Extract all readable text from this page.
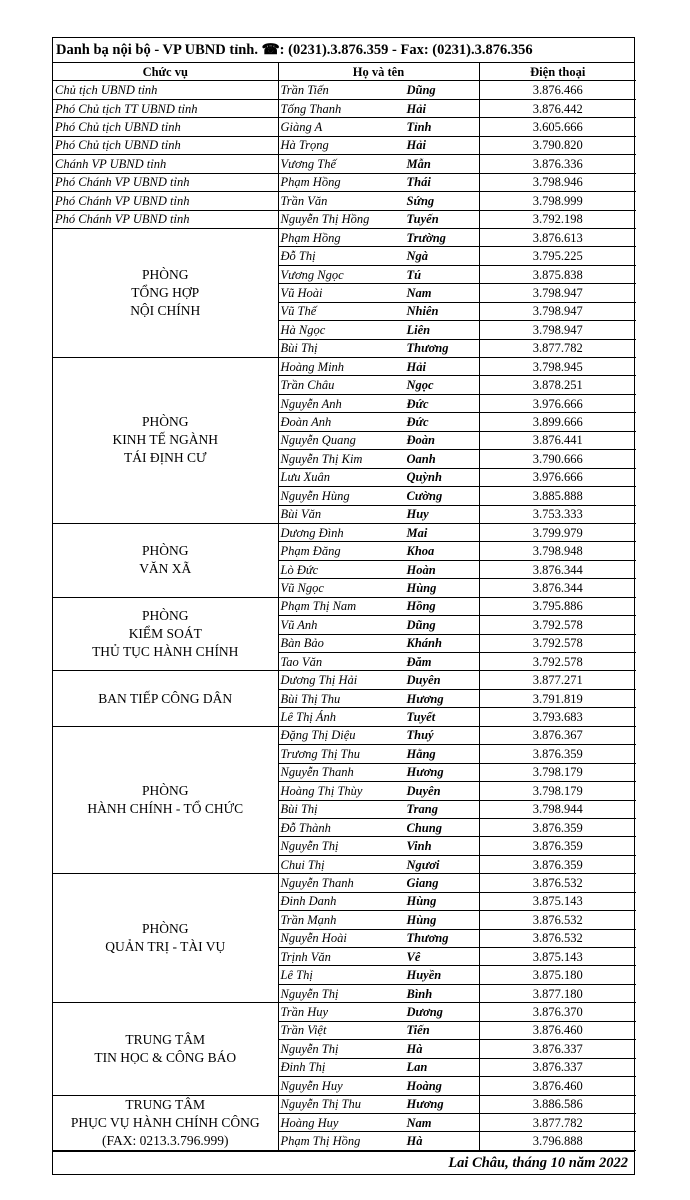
Danh bạ nội bộ - VP UBND tỉnh. ☎: (0231).3.876.359 - Fax: (0231).3.876.356
Chức vụ	Họ và tên	Điện thoại
Chủ tịch UBND tỉnh	Trần Tiến Dũng	3.876.466
Phó Chủ tịch TT UBND tỉnh	Tống Thanh Hải	3.876.442
Phó Chủ tịch UBND tỉnh	Giàng A Tỉnh	3.605.666
Phó Chủ tịch UBND tỉnh	Hà Trọng Hải	3.790.820
Chánh VP UBND tỉnh	Vương Thế Mẫn	3.876.336
Phó Chánh VP UBND tỉnh	Phạm Hồng Thái	3.798.946
Phó Chánh VP UBND tỉnh	Trần Văn Sứng	3.798.999
Phó Chánh VP UBND tỉnh	Nguyễn Thị Hồng Tuyến	3.792.198

PHÒNG
TỔNG HỢP
NỘI CHÍNH	Phạm Hồng Trường	3.876.613
	Đỗ Thị Ngà	3.795.225
	Vương Ngọc Tú	3.875.838
	Vũ Hoài Nam	3.798.947
	Vũ Thế Nhiên	3.798.947
	Hà Ngọc Liên	3.798.947
	Bùi Thị Thương	3.877.782

PHÒNG
KINH TẾ NGÀNH
TÁI ĐỊNH CƯ	Hoàng Minh Hải	3.798.945
	Trần Châu Ngọc	3.878.251
	Nguyễn Anh Đức	3.976.666
	Đoàn Anh Đức	3.899.666
	Nguyễn Quang Đoàn	3.876.441
	Nguyễn Thị Kim Oanh	3.790.666
	Lưu Xuân Quỳnh	3.976.666
	Nguyễn Hùng Cường	3.885.888
	Bùi Văn Huy	3.753.333

PHÒNG
VĂN XÃ	Dương Đình Mai	3.799.979
	Phạm Đăng Khoa	3.798.948
	Lò Đức Hoàn	3.876.344
	Vũ Ngọc Hùng	3.876.344

PHÒNG
KIỂM SOÁT
THỦ TỤC HÀNH CHÍNH	Phạm Thị Nam Hồng	3.795.886
	Vũ Anh Dũng	3.792.578
	Bàn Bảo Khánh	3.792.578
	Tao Văn Đăm	3.792.578

BAN TIẾP CÔNG DÂN	Dương Thị Hải Duyên	3.877.271
	Bùi Thị Thu Hương	3.791.819
	Lê Thị Ánh Tuyết	3.793.683

PHÒNG
HÀNH CHÍNH - TỔ CHỨC	Đặng Thị Diệu Thuý	3.876.367
	Trương Thị Thu Hằng	3.876.359
	Nguyễn Thanh Hương	3.798.179
	Hoàng Thị Thùy Duyên	3.798.179
	Bùi Thị Trang	3.798.944
	Đỗ Thành Chung	3.876.359
	Nguyễn Thị Vinh	3.876.359
	Chui Thị Ngươi	3.876.359

PHÒNG
QUẢN TRỊ - TÀI VỤ	Nguyễn Thanh Giang	3.876.532
	Đinh Danh Hùng	3.875.143
	Trần Mạnh Hùng	3.876.532
	Nguyễn Hoài Thương	3.876.532
	Trịnh Văn Vê	3.875.143
	Lê Thị Huyền	3.875.180
	Nguyễn Thị Bình	3.877.180

TRUNG TÂM
TIN HỌC & CÔNG BÁO	Trần Huy Dương	3.876.370
	Trần Việt Tiến	3.876.460
	Nguyễn Thị Hà	3.876.337
	Đinh Thị Lan	3.876.337
	Nguyễn Huy Hoàng	3.876.460

TRUNG TÂM
PHỤC VỤ HÀNH CHÍNH CÔNG
(FAX: 0213.3.796.999)	Nguyễn Thị Thu Hương	3.886.586
	Hoàng Huy Nam	3.877.782
	Phạm Thị Hồng Hà	3.796.888
Lai Châu, tháng 10 năm 2022
